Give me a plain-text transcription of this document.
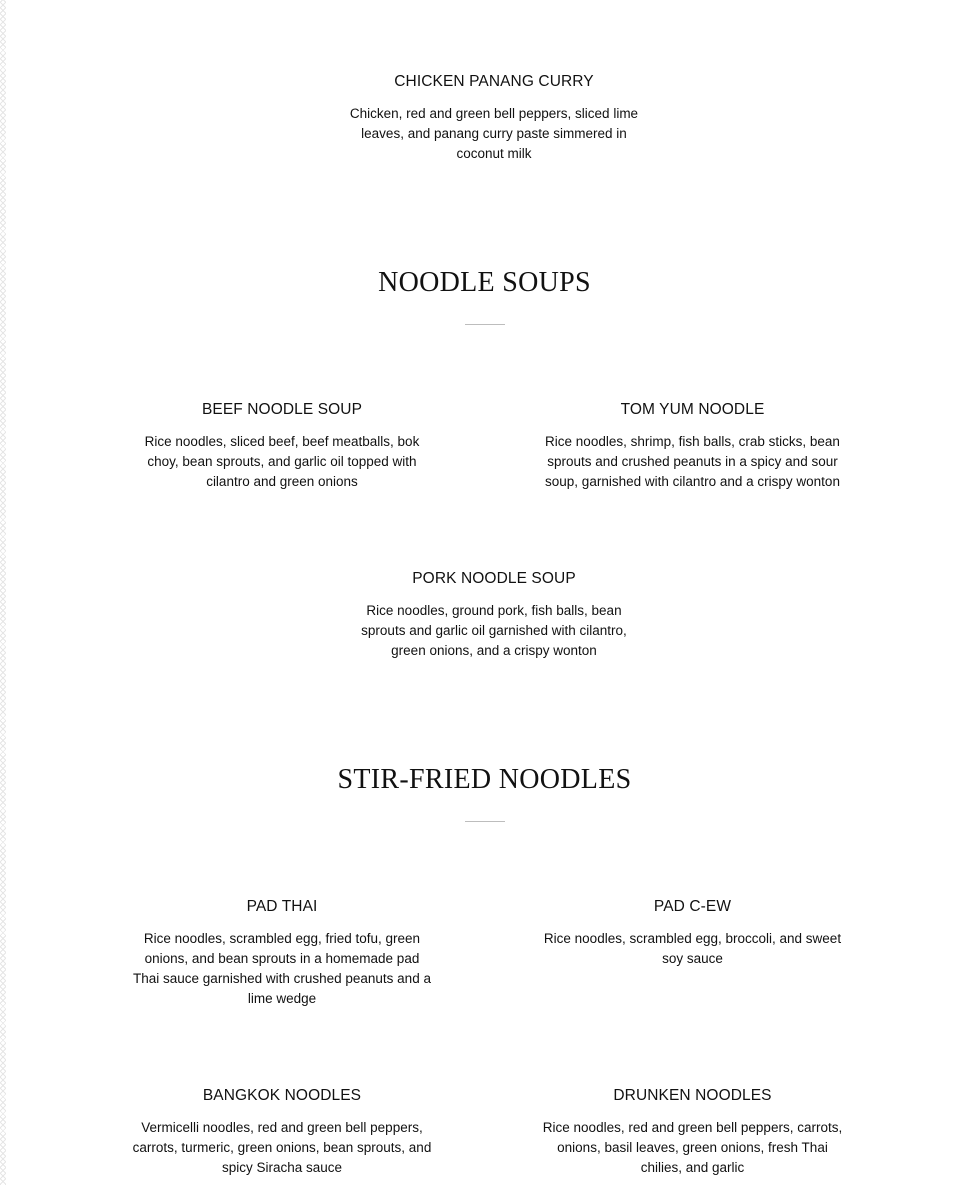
CHICKEN PANANG CURRY
Chicken, red and green bell peppers, sliced lime leaves, and panang curry paste simmered in coconut milk
NOODLE SOUPS
BEEF NOODLE SOUP
Rice noodles, sliced beef, beef meatballs, bok choy, bean sprouts, and garlic oil topped with cilantro and green onions
TOM YUM NOODLE
Rice noodles, shrimp, fish balls, crab sticks, bean sprouts and crushed peanuts in a spicy and sour soup, garnished with cilantro and a crispy wonton
PORK NOODLE SOUP
Rice noodles, ground pork, fish balls, bean sprouts and garlic oil garnished with cilantro, green onions, and a crispy wonton
STIR-FRIED NOODLES
PAD THAI
Rice noodles, scrambled egg, fried tofu, green onions, and bean sprouts in a homemade pad Thai sauce garnished with crushed peanuts and a lime wedge
PAD C-EW
Rice noodles, scrambled egg, broccoli, and sweet soy sauce
BANGKOK NOODLES
Vermicelli noodles, red and green bell peppers, carrots, turmeric, green onions, bean sprouts, and spicy Siracha sauce
DRUNKEN NOODLES
Rice noodles, red and green bell peppers, carrots, onions, basil leaves, green onions, fresh Thai chilies, and garlic
